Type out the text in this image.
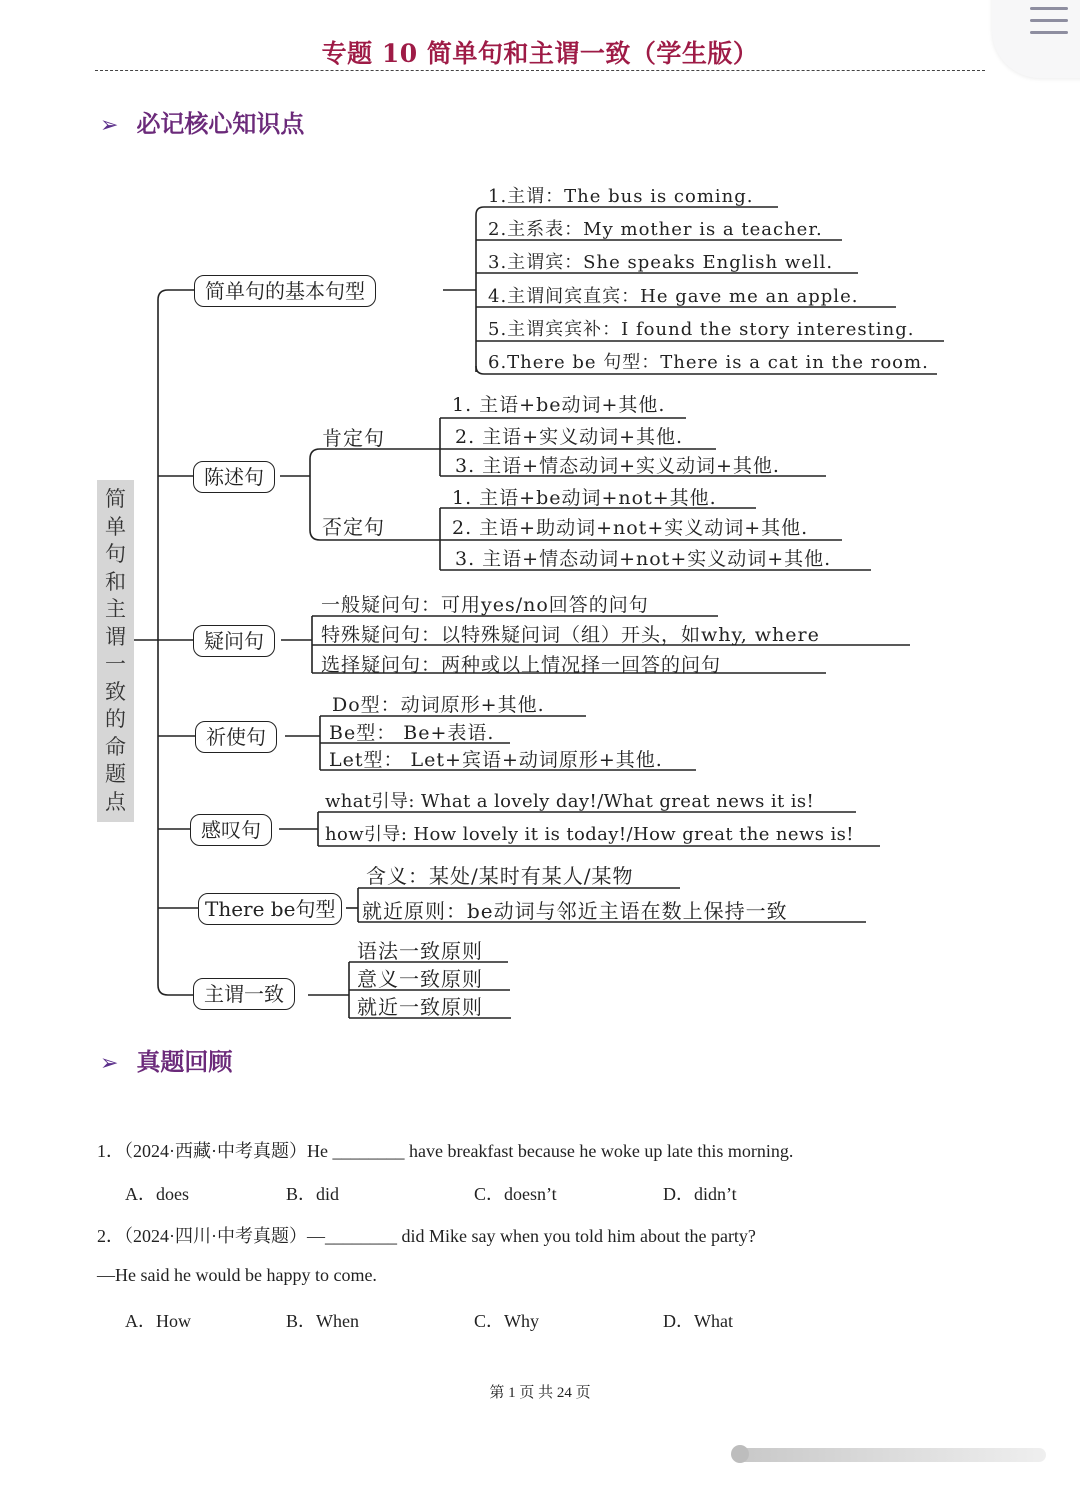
专题 10 简单句和主谓一致（学生版）
➢ 必记核心知识点
简
单
句
和
主
谓
一
致
的
命
题
点
简单句的基本句型
1.主谓：The bus is coming.
2.主系表：My mother is a teacher.
3.主谓宾：She speaks English well.
4.主谓间宾直宾：He gave me an apple.
5.主谓宾宾补：I found the story interesting.
6.There be 句型：There is a cat in the room.
陈述句
肯定句
否定句
1. 主语+be动词+其他.
2. 主语+实义动词+其他.
3. 主语+情态动词+实义动词+其他.
1. 主语+be动词+not+其他.
2. 主语+助动词+not+实义动词+其他.
3. 主语+情态动词+not+实义动词+其他.
疑问句
一般疑问句：可用yes/no回答的问句
特殊疑问句：以特殊疑问词（组）开头，如why, where
选择疑问句：两种或以上情况择一回答的问句
祈使句
Do型：动词原形+其他.
Be型： Be+表语.
Let型： Let+宾语+动词原形+其他.
感叹句
what引导: What a lovely day!/What great news it is!
how引导: How lovely it is today!/How great the news is!
There be句型
含义：某处/某时有某人/某物
就近原则：be动词与邻近主语在数上保持一致
主谓一致
语法一致原则
意义一致原则
就近一致原则
➢ 真题回顾
1．（2024·西藏·中考真题）He ________ have breakfast because he woke up late this morning.
A．does	B．did	C．doesn’t	D．didn’t
2．（2024·四川·中考真题）—________ did Mike say when you told him about the party?
—He said he would be happy to come.
A．How	B．When	C．Why	D．What
第 1 页 共 24 页
